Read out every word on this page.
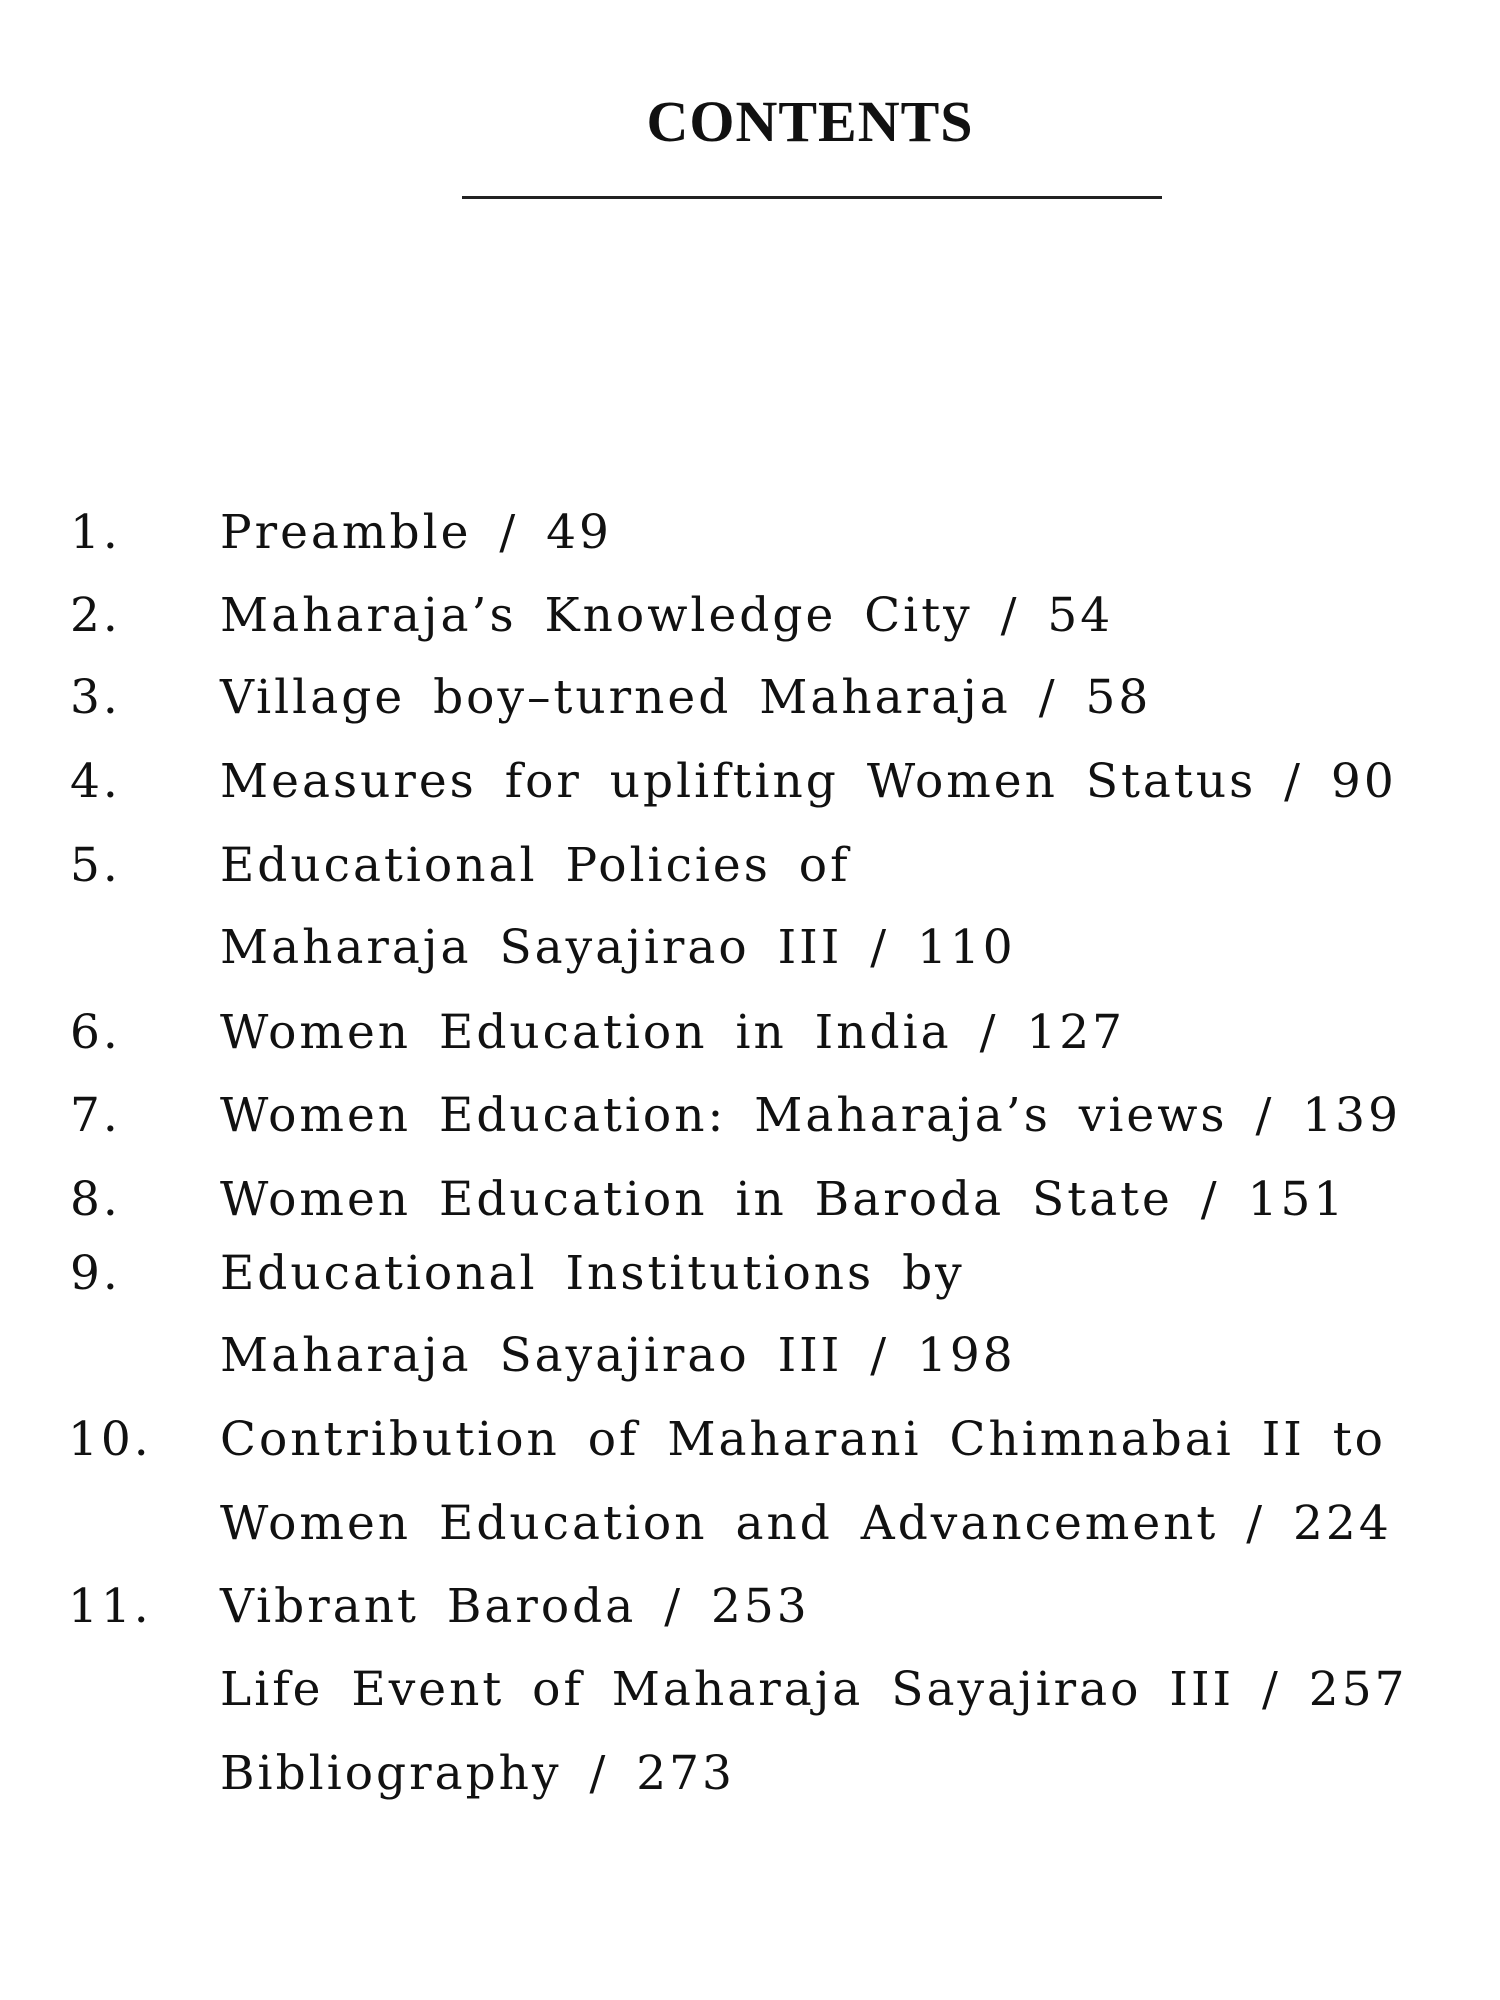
CONTENTS
1. Preamble / 49
2. Maharaja’s Knowledge City / 54
3. Village boy–turned Maharaja / 58
4. Measures for uplifting Women Status / 90
5. Educational Policies of
Maharaja Sayajirao III / 110
6. Women Education in India / 127
7. Women Education: Maharaja’s views / 139
8. Women Education in Baroda State / 151
9. Educational Institutions by
Maharaja Sayajirao III / 198
10. Contribution of Maharani Chimnabai II to
Women Education and Advancement / 224
11. Vibrant Baroda / 253
Life Event of Maharaja Sayajirao III / 257
Bibliography / 273
